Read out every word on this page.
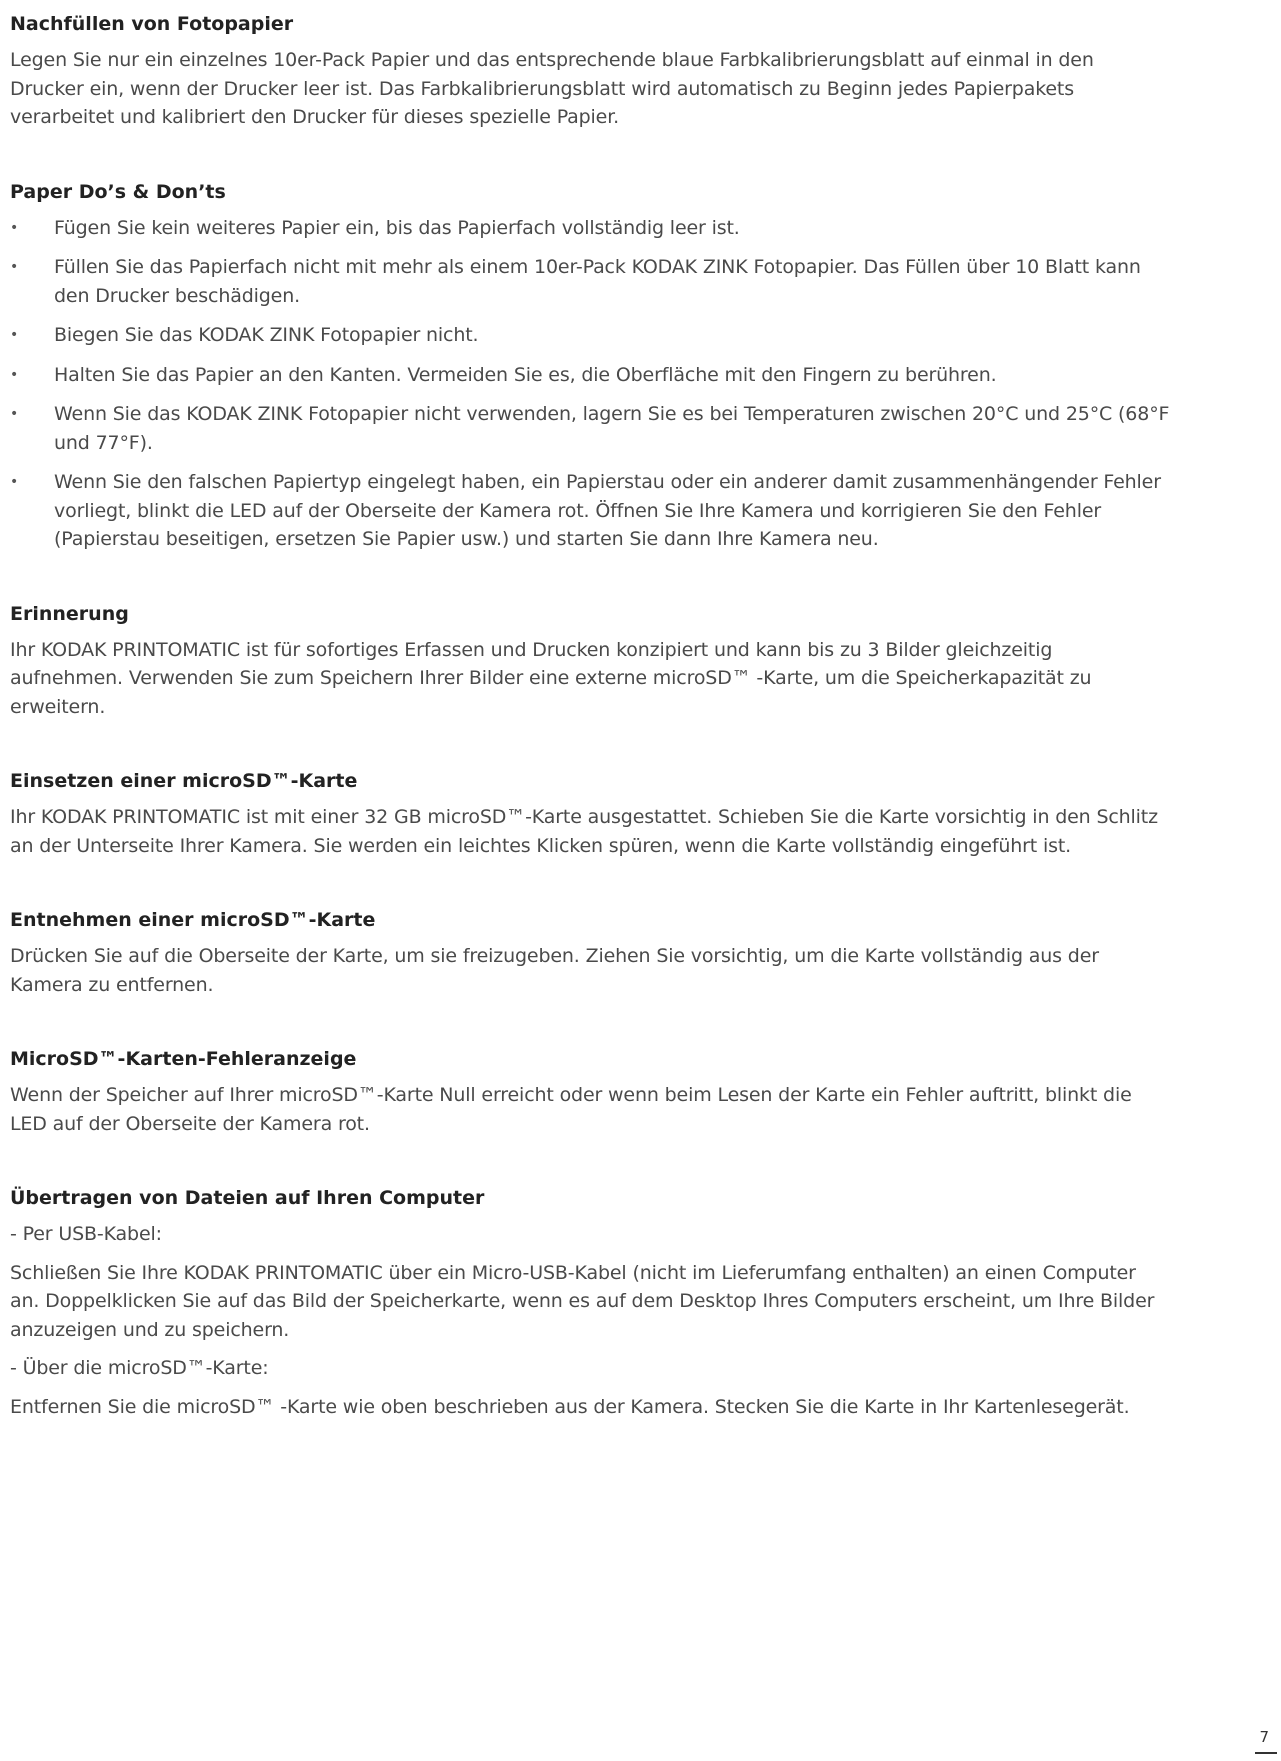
Nachfüllen von Fotopapier

Legen Sie nur ein einzelnes 10er-Pack Papier und das entsprechende blaue Farbkalibrierungsblatt auf einmal in den Drucker ein, wenn der Drucker leer ist. Das Farbkalibrierungsblatt wird automatisch zu Beginn jedes Papierpakets verarbeitet und kalibriert den Drucker für dieses spezielle Papier.

Paper Do’s & Don’ts
• Fügen Sie kein weiteres Papier ein, bis das Papierfach vollständig leer ist.
• Füllen Sie das Papierfach nicht mit mehr als einem 10er-Pack KODAK ZINK Fotopapier. Das Füllen über 10 Blatt kann den Drucker beschädigen.
• Biegen Sie das KODAK ZINK Fotopapier nicht.
• Halten Sie das Papier an den Kanten. Vermeiden Sie es, die Oberfläche mit den Fingern zu berühren.
• Wenn Sie das KODAK ZINK Fotopapier nicht verwenden, lagern Sie es bei Temperaturen zwischen 20°C und 25°C (68°F und 77°F).
• Wenn Sie den falschen Papiertyp eingelegt haben, ein Papierstau oder ein anderer damit zusammenhängender Fehler vorliegt, blinkt die LED auf der Oberseite der Kamera rot. Öffnen Sie Ihre Kamera und korrigieren Sie den Fehler (Papierstau beseitigen, ersetzen Sie Papier usw.) und starten Sie dann Ihre Kamera neu.
Erinnerung

Ihr KODAK PRINTOMATIC ist für sofortiges Erfassen und Drucken konzipiert und kann bis zu 3 Bilder gleichzeitig aufnehmen. Verwenden Sie zum Speichern Ihrer Bilder eine externe microSD™ -Karte, um die Speicherkapazität zu erweitern.

Einsetzen einer microSD™-Karte

Ihr KODAK PRINTOMATIC ist mit einer 32 GB microSD™-Karte ausgestattet. Schieben Sie die Karte vorsichtig in den Schlitz an der Unterseite Ihrer Kamera. Sie werden ein leichtes Klicken spüren, wenn die Karte vollständig eingeführt ist.

Entnehmen einer microSD™-Karte

Drücken Sie auf die Oberseite der Karte, um sie freizugeben. Ziehen Sie vorsichtig, um die Karte vollständig aus der Kamera zu entfernen.

MicroSD™-Karten-Fehleranzeige

Wenn der Speicher auf Ihrer microSD™-Karte Null erreicht oder wenn beim Lesen der Karte ein Fehler auftritt, blinkt die LED auf der Oberseite der Kamera rot.

Übertragen von Dateien auf Ihren Computer

- Per USB-Kabel:

Schließen Sie Ihre KODAK PRINTOMATIC über ein Micro-USB-Kabel (nicht im Lieferumfang enthalten) an einen Computer an. Doppelklicken Sie auf das Bild der Speicherkarte, wenn es auf dem Desktop Ihres Computers erscheint, um Ihre Bilder anzuzeigen und zu speichern.

- Über die microSD™-Karte:

Entfernen Sie die microSD™ -Karte wie oben beschrieben aus der Kamera. Stecken Sie die Karte in Ihr Kartenlesegerät.

7
